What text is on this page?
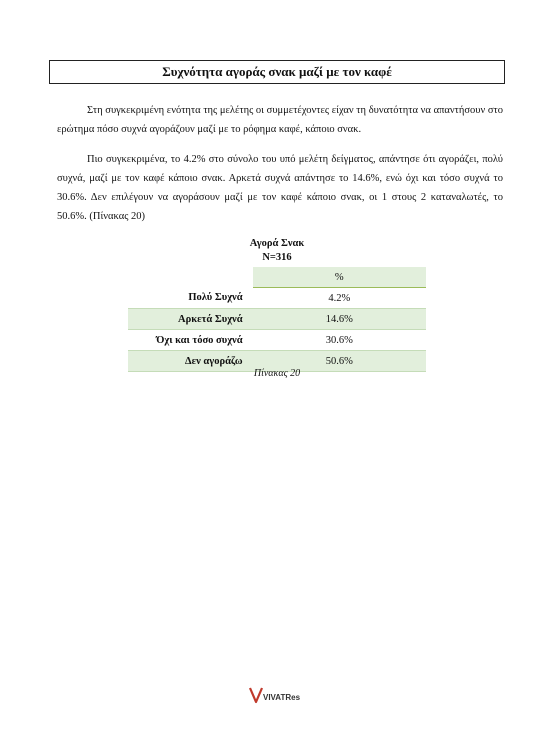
Συχνότητα αγοράς σνακ μαζί με τον καφέ

Στη συγκεκριμένη ενότητα της μελέτης οι συμμετέχοντες είχαν τη δυνατότητα να απαντήσουν στο ερώτημα πόσο συχνά αγοράζουν μαζί με το ρόφημα καφέ, κάποιο σνακ.

Πιο συγκεκριμένα, το 4.2% στο σύνολο του υπό μελέτη δείγματος, απάντησε ότι αγοράζει, πολύ συχνά, μαζί με τον καφέ κάποιο σνακ. Αρκετά συχνά απάντησε το 14.6%, ενώ όχι και τόσο συχνά το 30.6%. Δεν επιλέγουν να αγοράσουν μαζί με τον καφέ κάποιο σνακ, οι 1 στους 2 καταναλωτές, το 50.6%. (Πίνακας 20)

Αγορά Σνακ
N=316
	%
Πολύ Συχνά	4.2%
Αρκετά Συχνά	14.6%
Όχι και τόσο συχνά	30.6%
Δεν αγοράζω	50.6%
Πίνακας 20
VIVATRes
